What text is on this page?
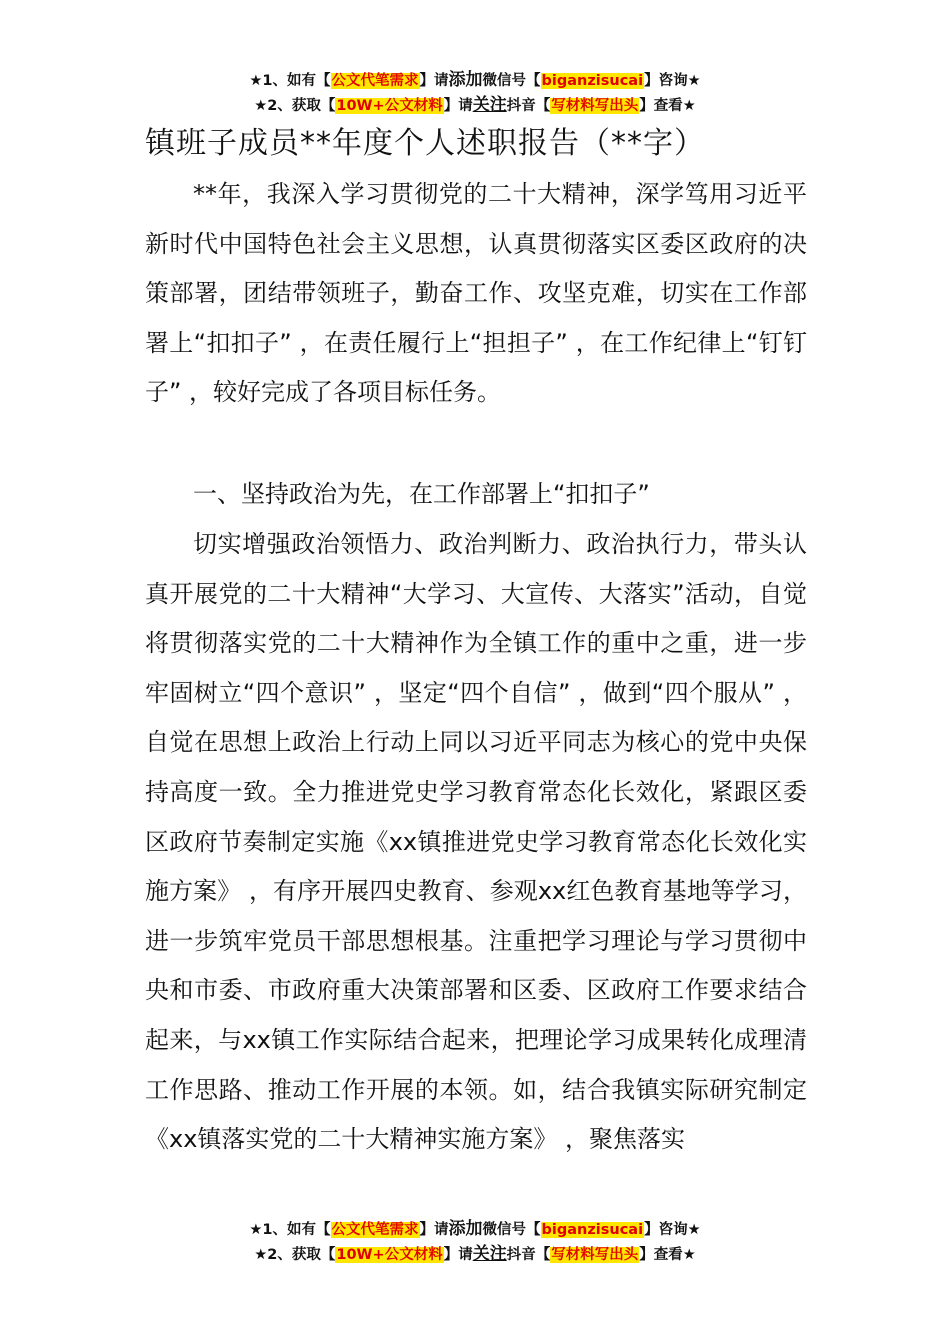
★1、如有【公文代笔需求】请添加微信号【biganzisucai】咨询★
★2、获取【10W+公文材料】请关注抖音【写材料写出头】查看★
镇班子成员**年度个人述职报告（**字）

**年，我深入学习贯彻党的二十大精神，深学笃用习近平新时代中国特色社会主义思想，认真贯彻落实区委区政府的决策部署，团结带领班子，勤奋工作、攻坚克难，切实在工作部署上“扣扣子” ，在责任履行上“担担子” ，在工作纪律上“钉钉子” ，较好完成了各项目标任务。

一、坚持政治为先，在工作部署上“扣扣子”

切实增强政治领悟力、政治判断力、政治执行力，带头认真开展党的二十大精神“大学习、大宣传、大落实”活动，自觉将贯彻落实党的二十大精神作为全镇工作的重中之重，进一步牢固树立“四个意识” ，坚定“四个自信” ，做到“四个服从” ，自觉在思想上政治上行动上同以习近平同志为核心的党中央保持高度一致。全力推进党史学习教育常态化长效化，紧跟区委区政府节奏制定实施《xx镇推进党史学习教育常态化长效化实施方案》 ，有序开展四史教育、参观xx红色教育基地等学习，进一步筑牢党员干部思想根基。注重把学习理论与学习贯彻中央和市委、市政府重大决策部署和区委、区政府工作要求结合起来，与xx镇工作实际结合起来，把理论学习成果转化成理清工作思路、推动工作开展的本领。如，结合我镇实际研究制定《xx镇落实党的二十大精神实施方案》 ，聚焦落实

★1、如有【公文代笔需求】请添加微信号【biganzisucai】咨询★
★2、获取【10W+公文材料】请关注抖音【写材料写出头】查看★
